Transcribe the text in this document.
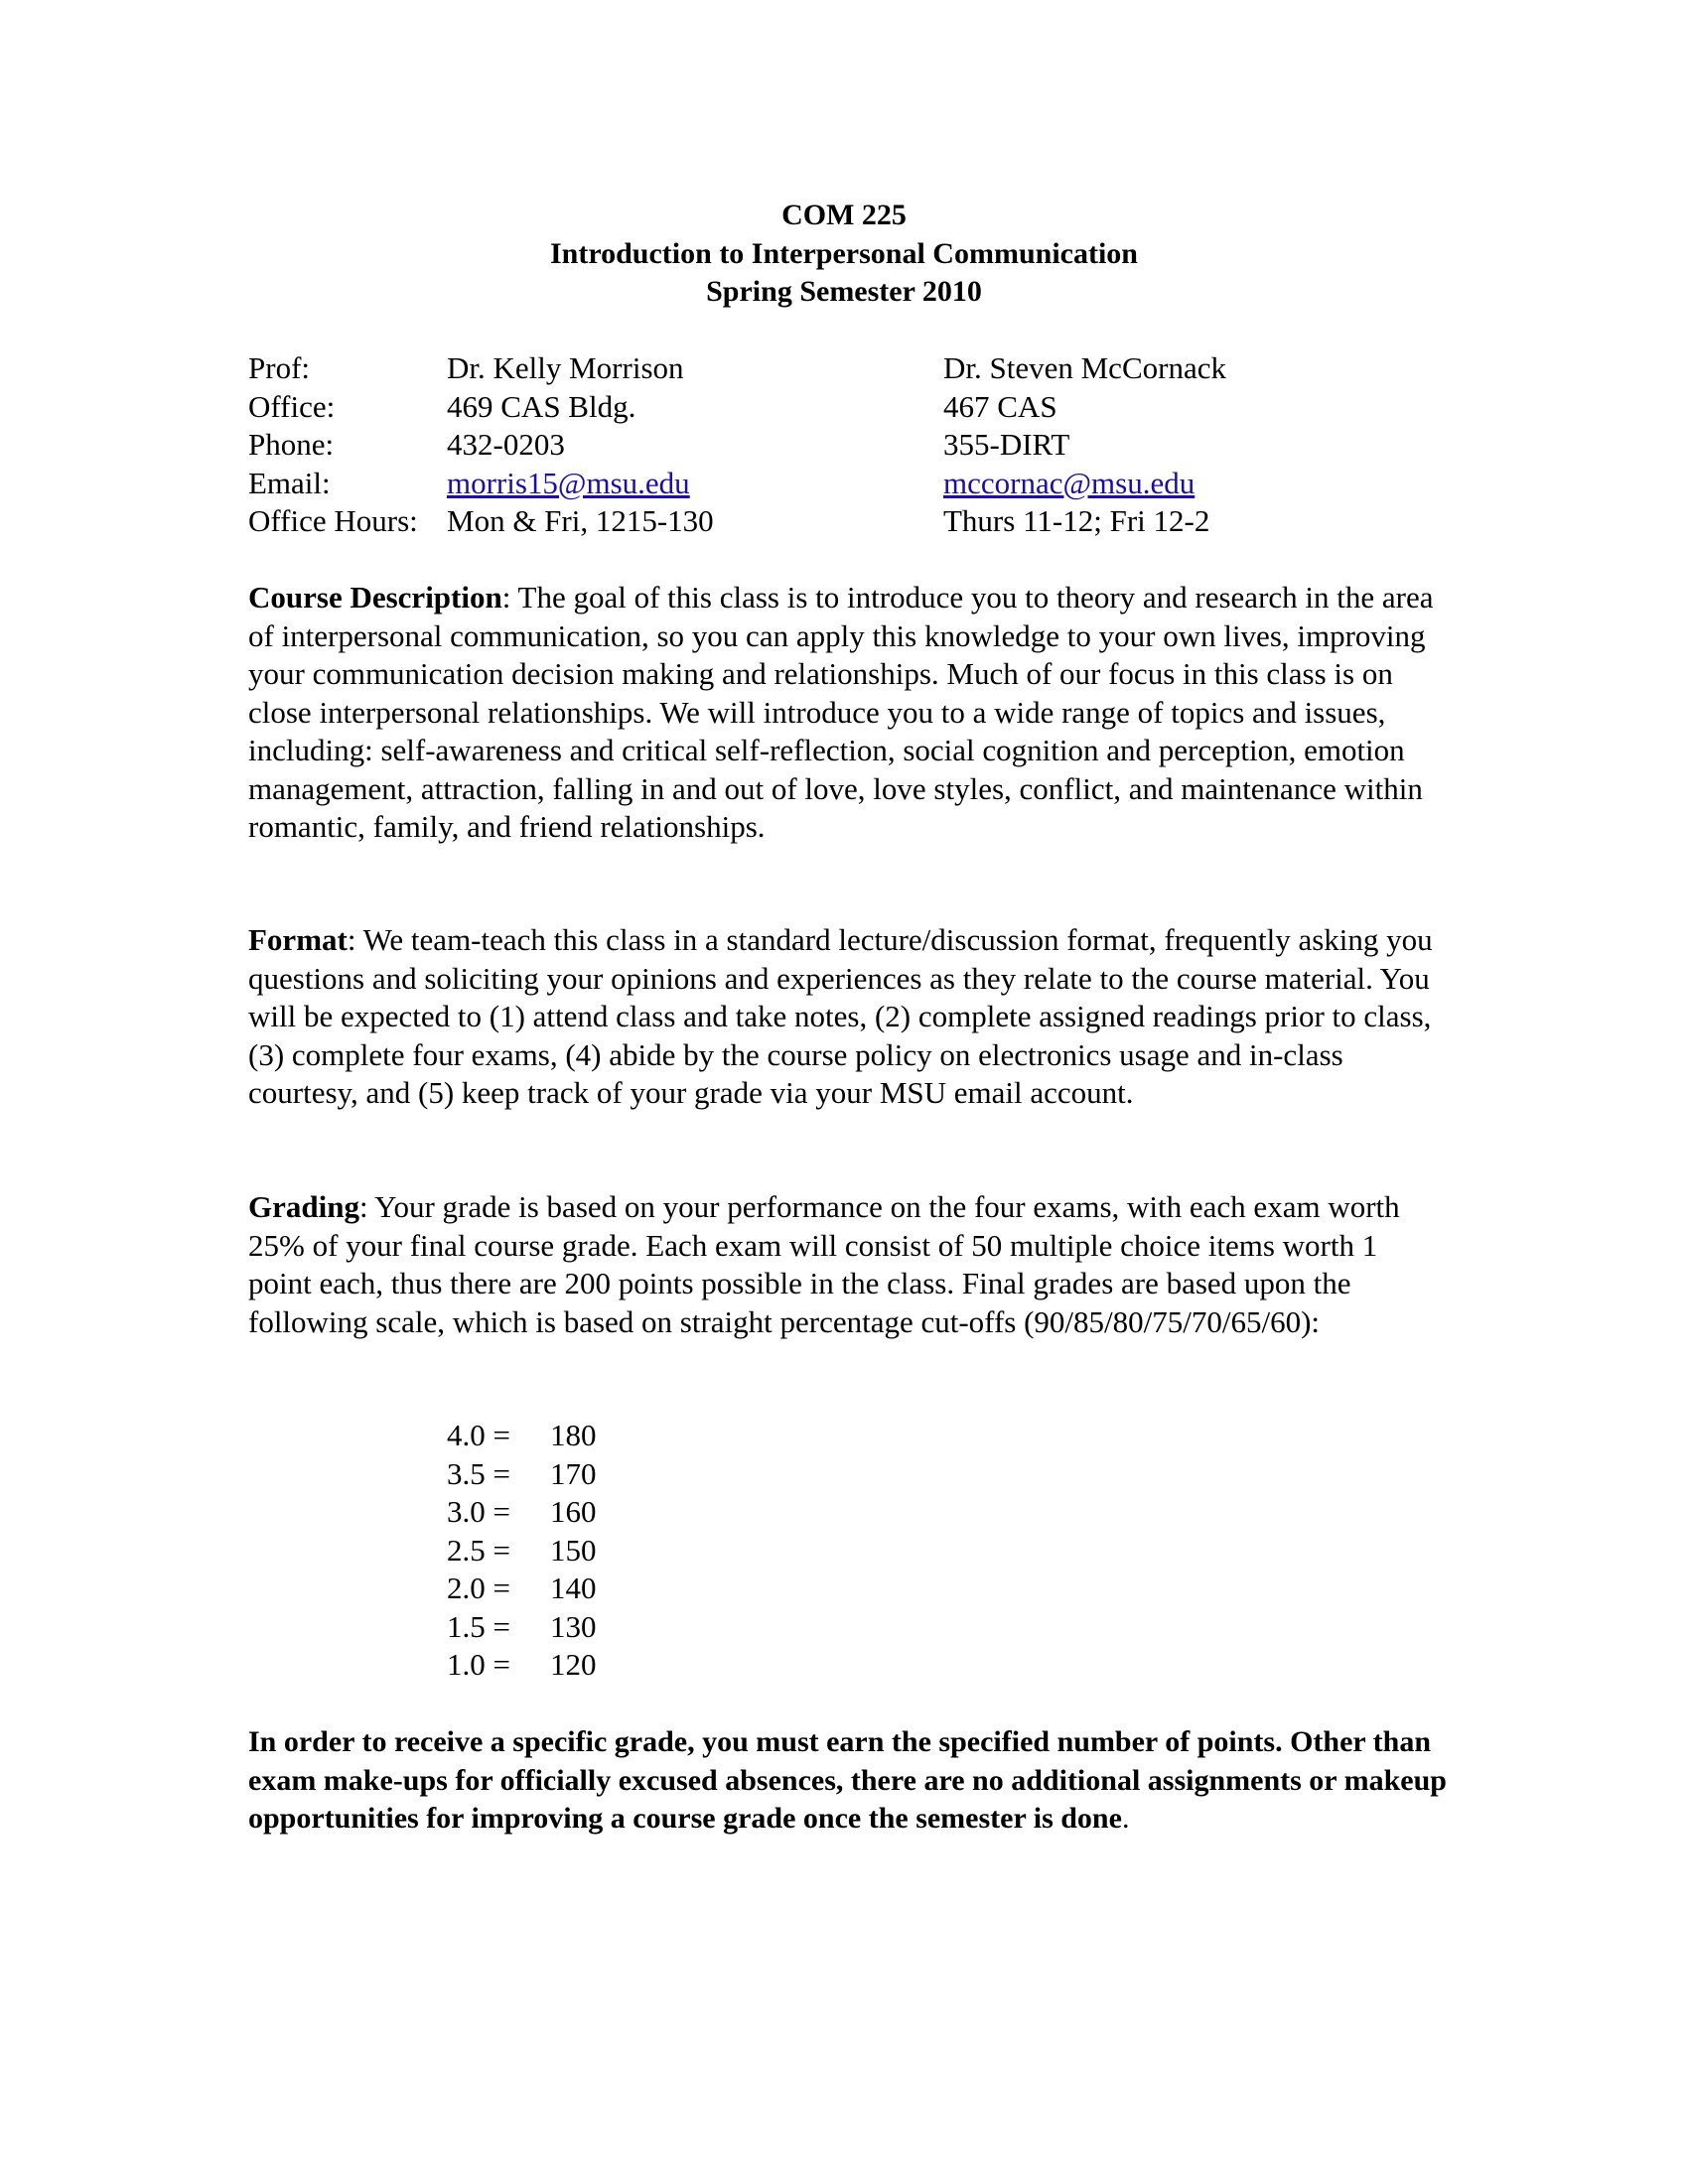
COM 225
Introduction to Interpersonal Communication
Spring Semester 2010
Prof:	Dr. Kelly Morrison	Dr. Steven McCornack
Office:	469 CAS Bldg.	467 CAS
Phone:	432-0203	355-DIRT
Email:	morris15@msu.edu	mccornac@msu.edu
Office Hours: Mon & Fri, 1215-130	Thurs 11-12; Fri 12-2

Course Description: The goal of this class is to introduce you to theory and research in the area of interpersonal communication, so you can apply this knowledge to your own lives, improving your communication decision making and relationships. Much of our focus in this class is on close interpersonal relationships. We will introduce you to a wide range of topics and issues, including: self-awareness and critical self-reflection, social cognition and perception, emotion management, attraction, falling in and out of love, love styles, conflict, and maintenance within romantic, family, and friend relationships.

Format: We team-teach this class in a standard lecture/discussion format, frequently asking you questions and soliciting your opinions and experiences as they relate to the course material. You will be expected to (1) attend class and take notes, (2) complete assigned readings prior to class, (3) complete four exams, (4) abide by the course policy on electronics usage and in-class courtesy, and (5) keep track of your grade via your MSU email account.

Grading: Your grade is based on your performance on the four exams, with each exam worth 25% of your final course grade. Each exam will consist of 50 multiple choice items worth 1 point each, thus there are 200 points possible in the class. Final grades are based upon the following scale, which is based on straight percentage cut-offs (90/85/80/75/70/65/60):

4.0 =	180
3.5 =	170
3.0 =	160
2.5 =	150
2.0 =	140
1.5 =	130
1.0 =	120

In order to receive a specific grade, you must earn the specified number of points. Other than exam make-ups for officially excused absences, there are no additional assignments or makeup opportunities for improving a course grade once the semester is done.
